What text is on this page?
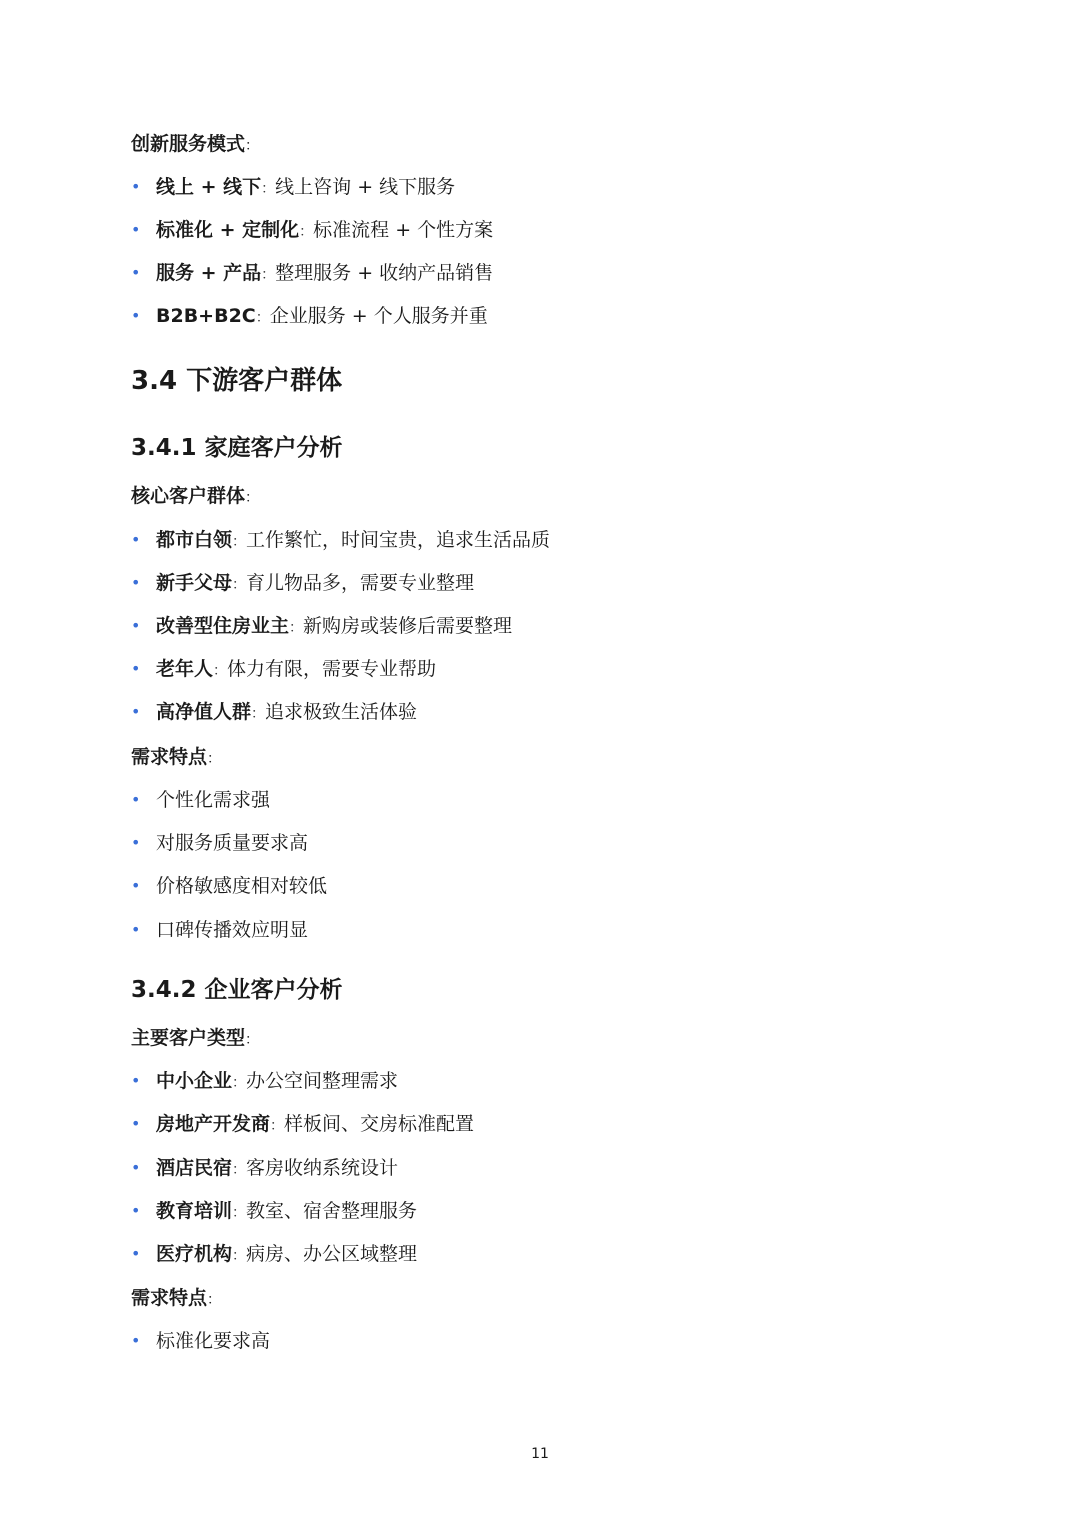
创新服务模式：
• 线上 + 线下：线上咨询 + 线下服务
• 标准化 + 定制化：标准流程 + 个性方案
• 服务 + 产品：整理服务 + 收纳产品销售
• B2B+B2C：企业服务 + 个人服务并重
3.4 下游客户群体
3.4.1 家庭客户分析
核心客户群体：
• 都市白领：工作繁忙，时间宝贵，追求生活品质
• 新手父母：育儿物品多，需要专业整理
• 改善型住房业主：新购房或装修后需要整理
• 老年人：体力有限，需要专业帮助
• 高净值人群：追求极致生活体验
需求特点：
• 个性化需求强
• 对服务质量要求高
• 价格敏感度相对较低
• 口碑传播效应明显
3.4.2 企业客户分析
主要客户类型：
• 中小企业：办公空间整理需求
• 房地产开发商：样板间、交房标准配置
• 酒店民宿：客房收纳系统设计
• 教育培训：教室、宿舍整理服务
• 医疗机构：病房、办公区域整理
需求特点：
• 标准化要求高
11
